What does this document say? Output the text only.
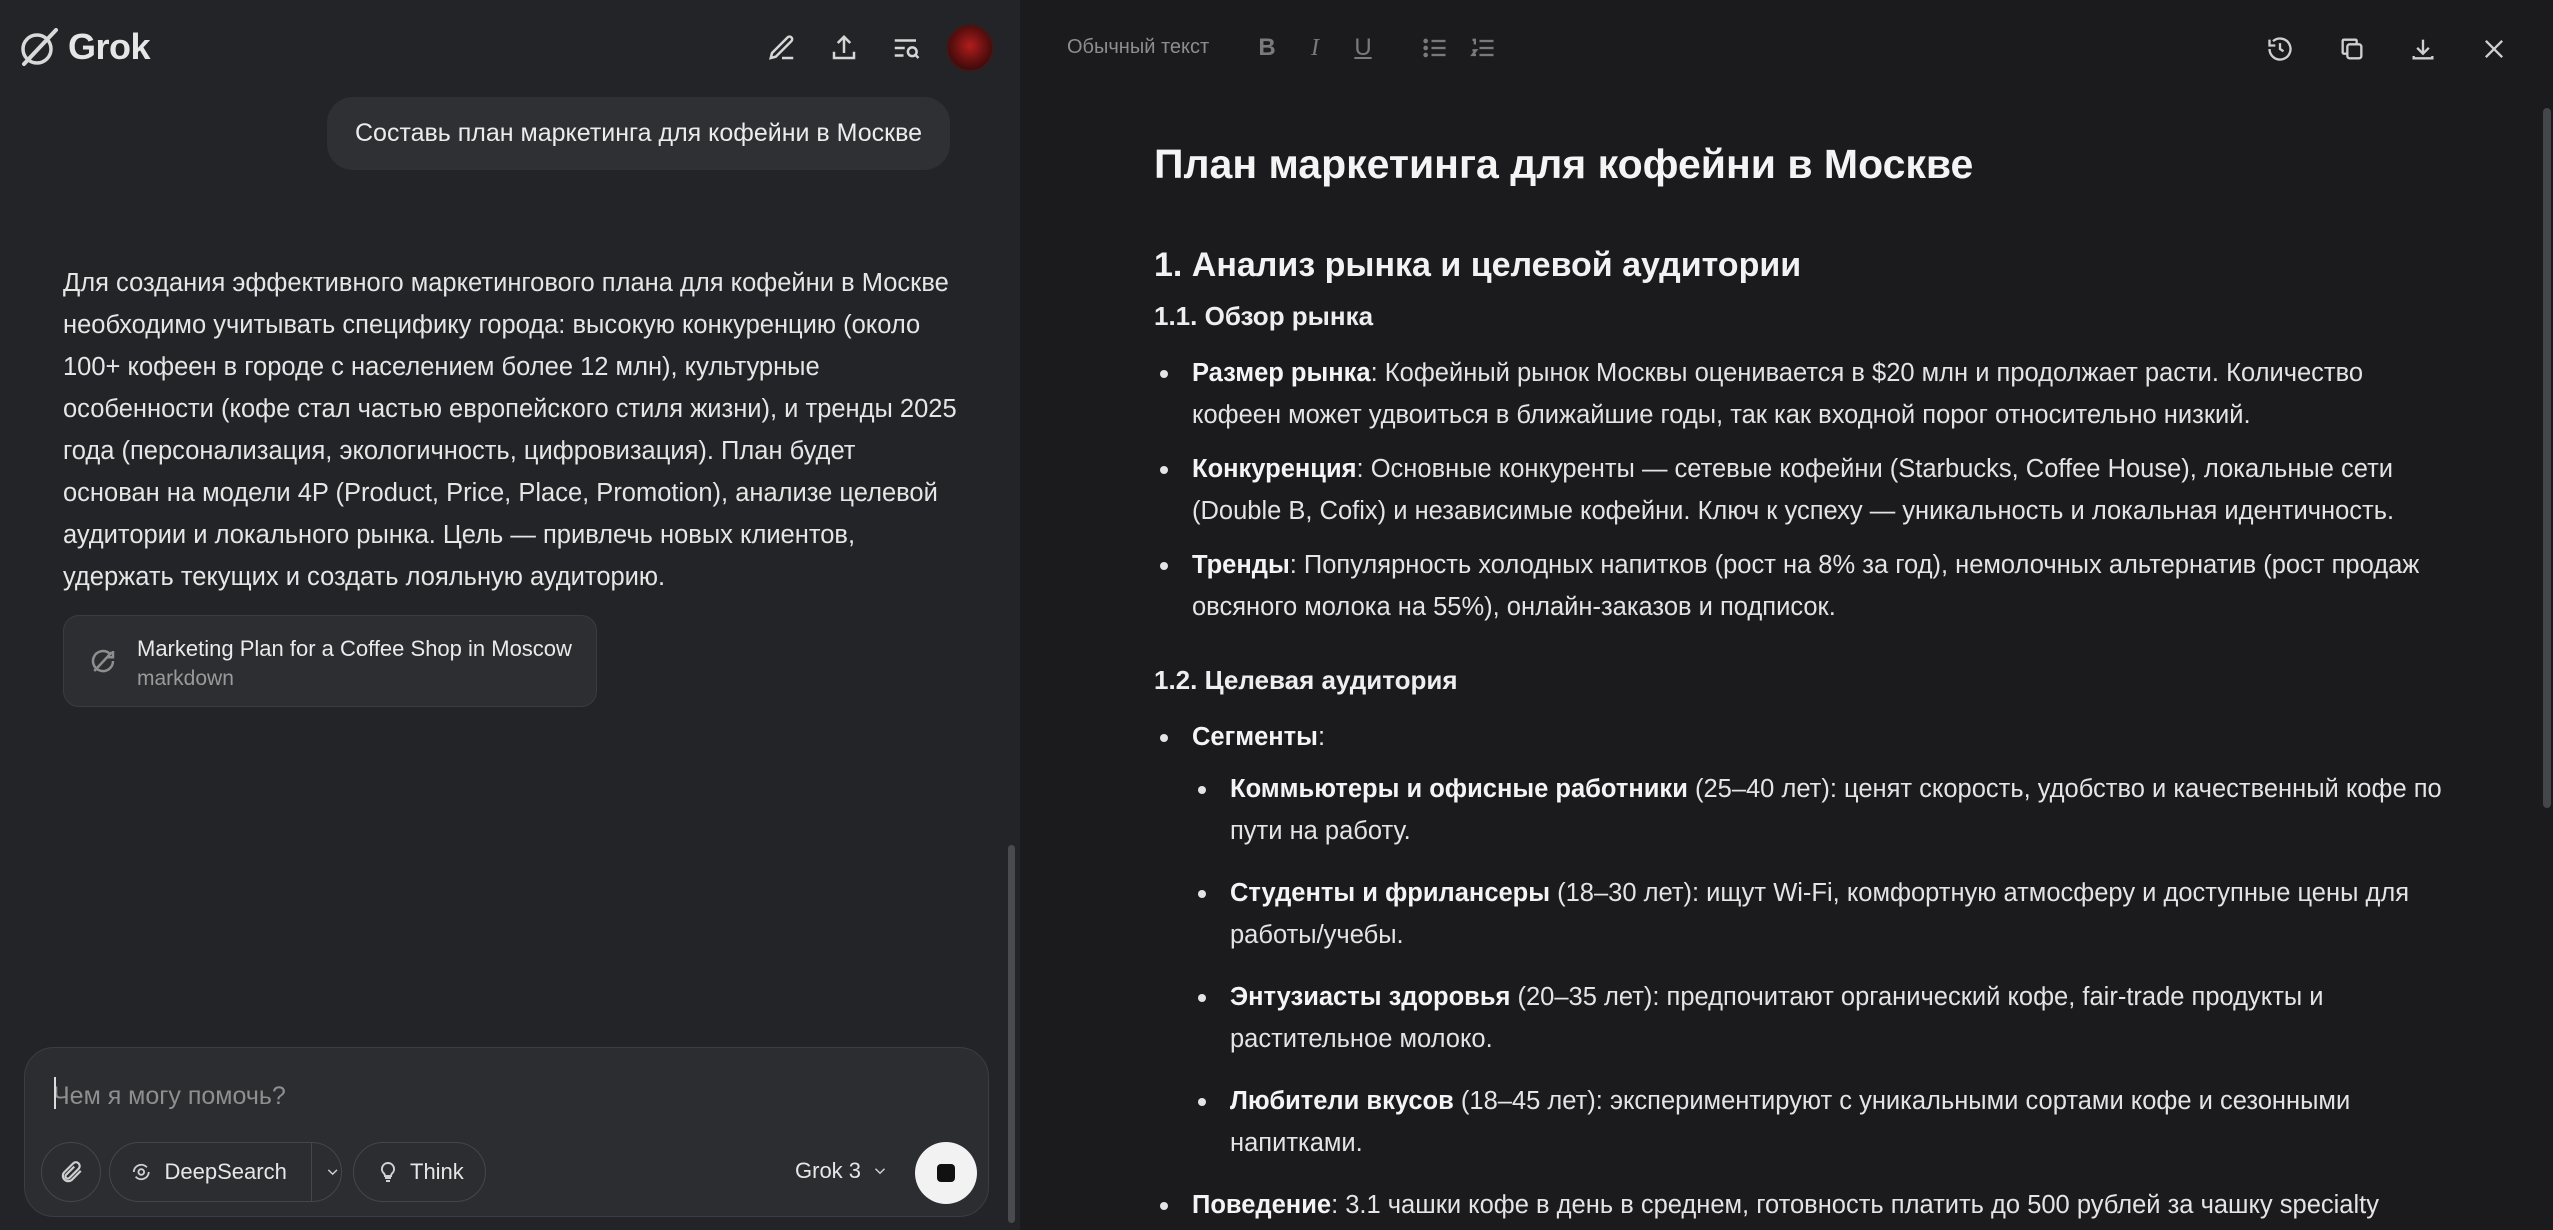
Grok
Составь план маркетинга для кофейни в Москве
Для создания эффективного маркетингового плана для кофейни в Москве необходимо учитывать специфику города: высокую конкуренцию (около 100+ кофеен в городе с населением более 12 млн), культурные особенности (кофе стал частью европейского стиля жизни), и тренды 2025 года (персонализация, экологичность, цифровизация). План будет основан на модели 4P (Product, Price, Place, Promotion), анализе целевой аудитории и локального рынка. Цель — привлечь новых клиентов, удержать текущих и создать лояльную аудиторию.
Marketing Plan for a Coffee Shop in Moscow
markdown
Чем я могу помочь?
DeepSearch	Think	Grok 3
Обычный текст B	I	U
План маркетинга для кофейни в Москве
1. Анализ рынка и целевой аудитории
1.1. Обзор рынка
Размер рынка: Кофейный рынок Москвы оценивается в $20 млн и продолжает расти. Количество кофеен может удвоиться в ближайшие годы, так как входной порог относительно низкий.
Конкуренция: Основные конкуренты — сетевые кофейни (Starbucks, Coffee House), локальные сети (Double B, Cofix) и независимые кофейни. Ключ к успеху — уникальность и локальная идентичность.
Тренды: Популярность холодных напитков (рост на 8% за год), немолочных альтернатив (рост продаж овсяного молока на 55%), онлайн-заказов и подписок.
1.2. Целевая аудитория
Сегменты:
Коммьютеры и офисные работники (25–40 лет): ценят скорость, удобство и качественный кофе по пути на работу.
Студенты и фрилансеры (18–30 лет): ищут Wi-Fi, комфортную атмосферу и доступные цены для работы/учебы.
Энтузиасты здоровья (20–35 лет): предпочитают органический кофе, fair-trade продукты и растительное молоко.
Любители вкусов (18–45 лет): экспериментируют с уникальными сортами кофе и сезонными напитками.
Поведение: 3.1 чашки кофе в день в среднем, готовность платить до 500 рублей за чашку specialty
